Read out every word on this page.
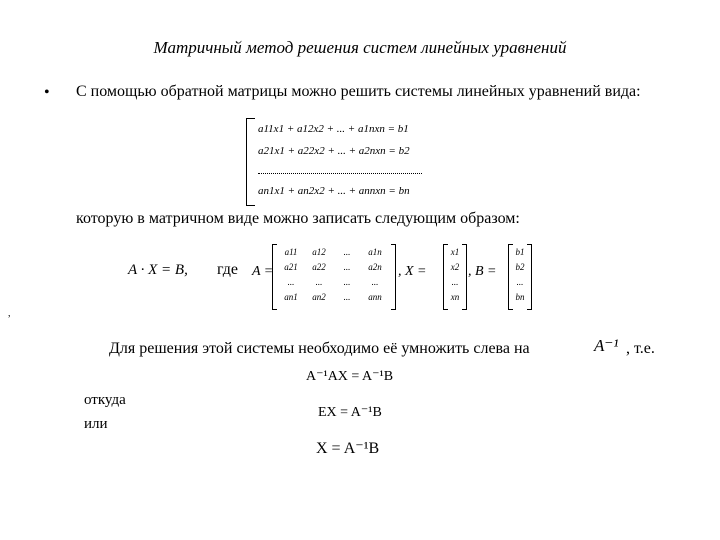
Матричный метод решения систем линейных уравнений
• С помощью обратной матрицы можно решить системы линейных уравнений вида:
a11x1 + a12x2 + ... + a1nxn = b1
a21x1 + a22x2 + ... + a2nxn = b2
an1x1 + an2x2 + ... + annxn = bn
которую в матричном виде можно записать следующим образом:
A · X = B, где A =
a11	a12	...	a1n
a21	a22	...	a2n
...	...	...	...
an1	an2	...	ann
, X =
x1
x2
...
xn
, B =
b1
b2
...
bn
,
Для решения этой системы необходимо её умножить слева на	A⁻¹ , т.е.
A⁻¹AX = A⁻¹B
откуда
или
EX = A⁻¹B
X = A⁻¹B
